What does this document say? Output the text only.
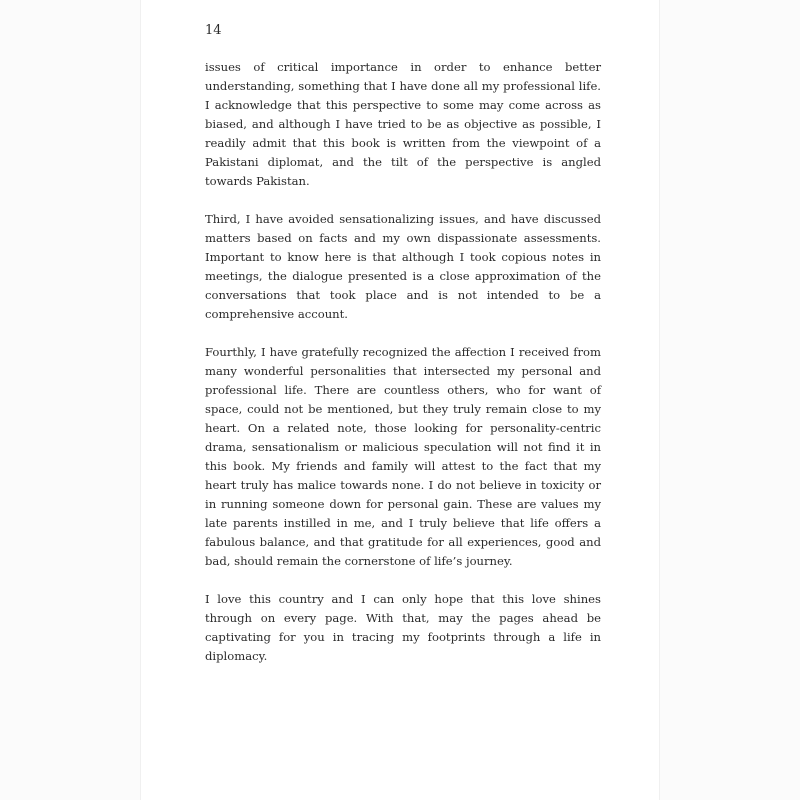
14

issues of critical importance in order to enhance better understanding, something that I have done all my professional life. I acknowledge that this perspective to some may come across as biased, and although I have tried to be as objective as possible, I readily admit that this book is written from the viewpoint of a Pakistani diplomat, and the tilt of the perspective is angled towards Pakistan.

Third, I have avoided sensationalizing issues, and have discussed matters based on facts and my own dispassionate assessments. Important to know here is that although I took copious notes in meetings, the dialogue presented is a close approximation of the conversations that took place and is not intended to be a comprehensive account.

Fourthly, I have gratefully recognized the affection I received from many wonderful personalities that intersected my personal and professional life. There are countless others, who for want of space, could not be mentioned, but they truly remain close to my heart. On a related note, those looking for personality-centric drama, sensationalism or malicious speculation will not find it in this book. My friends and family will attest to the fact that my heart truly has malice towards none. I do not believe in toxicity or in running someone down for personal gain. These are values my late parents instilled in me, and I truly believe that life offers a fabulous balance, and that gratitude for all experiences, good and bad, should remain the cornerstone of life’s journey.

I love this country and I can only hope that this love shines through on every page. With that, may the pages ahead be captivating for you in tracing my footprints through a life in diplomacy.
